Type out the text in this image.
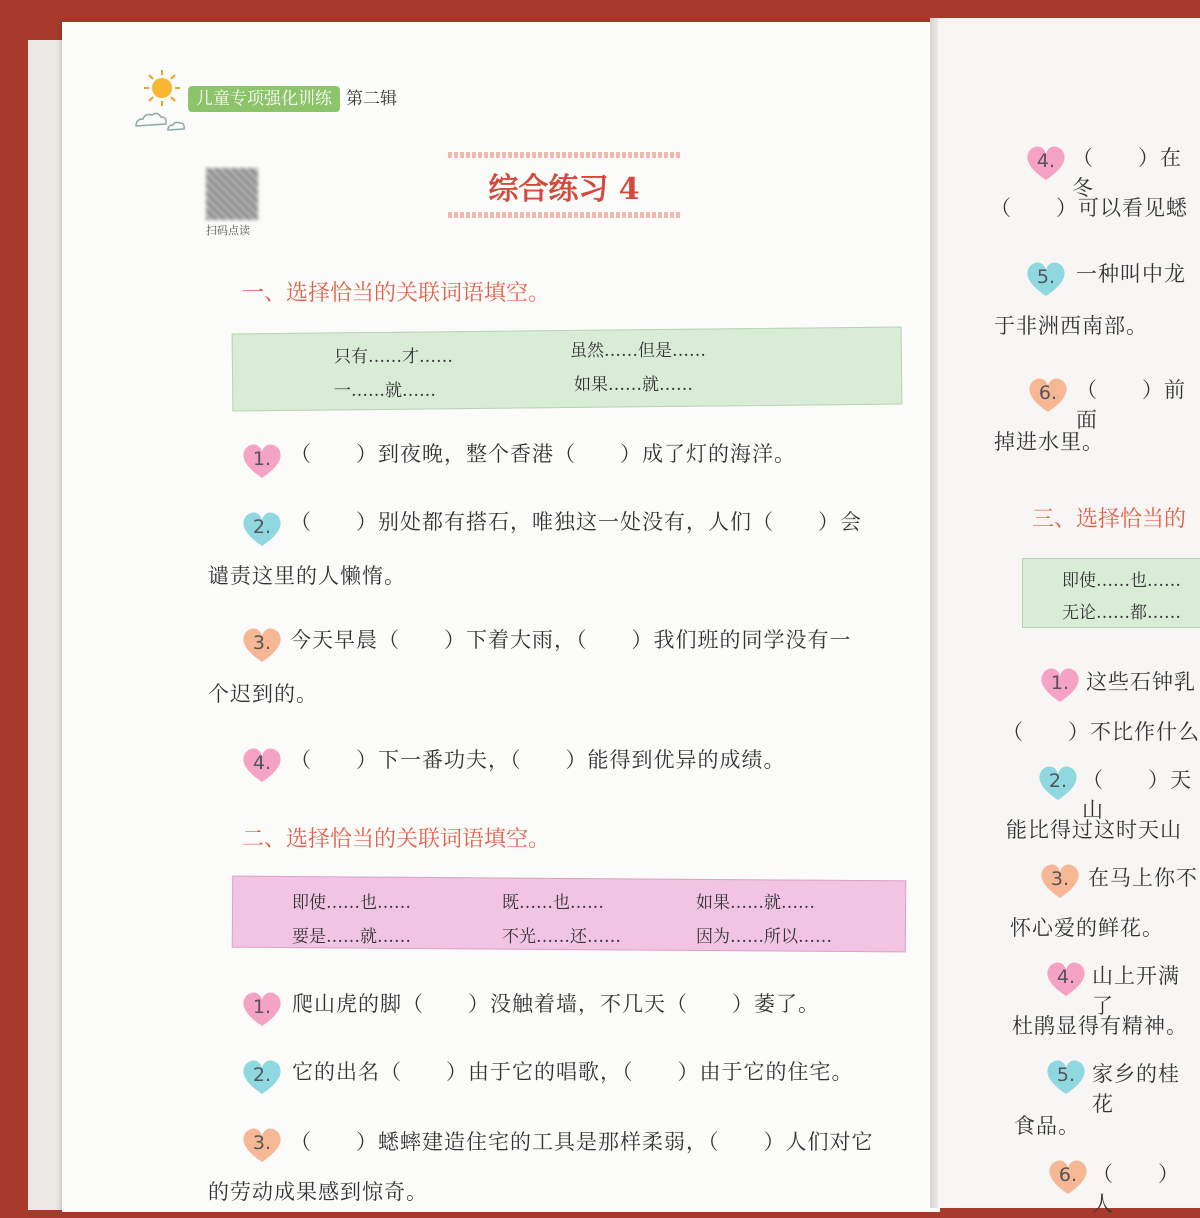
儿童专项强化训练 第二辑
扫码点读
综合练习 4
一、选择恰当的关联词语填空。
只有……才……	虽然……但是……
一……就……	如果……就……
1. （　　）到夜晚，整个香港（　　）成了灯的海洋。
2. （　　）别处都有搭石，唯独这一处没有，人们（　　）会
谴责这里的人懒惰。
3. 今天早晨（　　）下着大雨，（　　）我们班的同学没有一
个迟到的。
4. （　　）下一番功夫，（　　）能得到优异的成绩。
二、选择恰当的关联词语填空。
即使……也……	既……也……	如果……就……
要是……就……	不光……还……	因为……所以……
1. 爬山虎的脚（　　）没触着墙，不几天（　　）萎了。
2. 它的出名（　　）由于它的唱歌，（　　）由于它的住宅。
3. （　　）蟋蟀建造住宅的工具是那样柔弱，（　　）人们对它
的劳动成果感到惊奇。
4. （　　）在冬
（　　）可以看见蟋
5. 一种叫中龙
于非洲西南部。
6. （　　）前面
掉进水里。
三、选择恰当的
即使……也……
无论……都……
1. 这些石钟乳
（　　）不比作什么
2. （　　）天山
能比得过这时天山
3. 在马上你不
怀心爱的鲜花。
4. 山上开满了
杜鹃显得有精神。
5. 家乡的桂花
食品。
6. （　　）人
